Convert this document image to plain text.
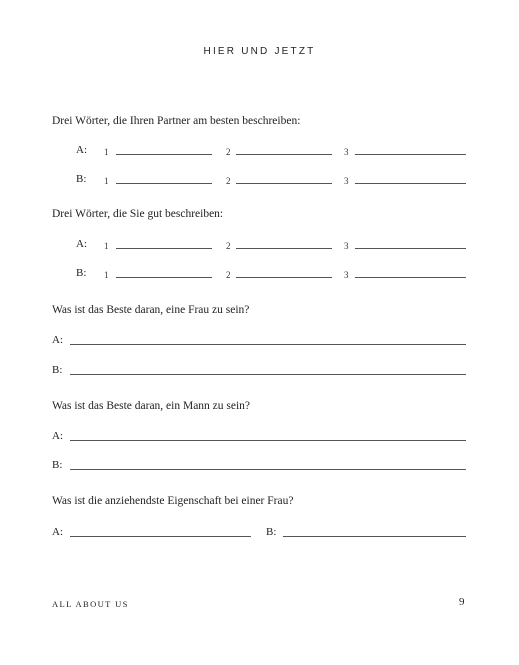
HIER UND JETZT
Drei Wörter, die Ihren Partner am besten beschreiben:
A: 1	2	3
B: 1	2	3
Drei Wörter, die Sie gut beschreiben:
A: 1	2	3
B: 1	2	3
Was ist das Beste daran, eine Frau zu sein?
A:
B:
Was ist das Beste daran, ein Mann zu sein?
A:
B:
Was ist die anziehendste Eigenschaft bei einer Frau?
A:	B:
ALL ABOUT US	9
